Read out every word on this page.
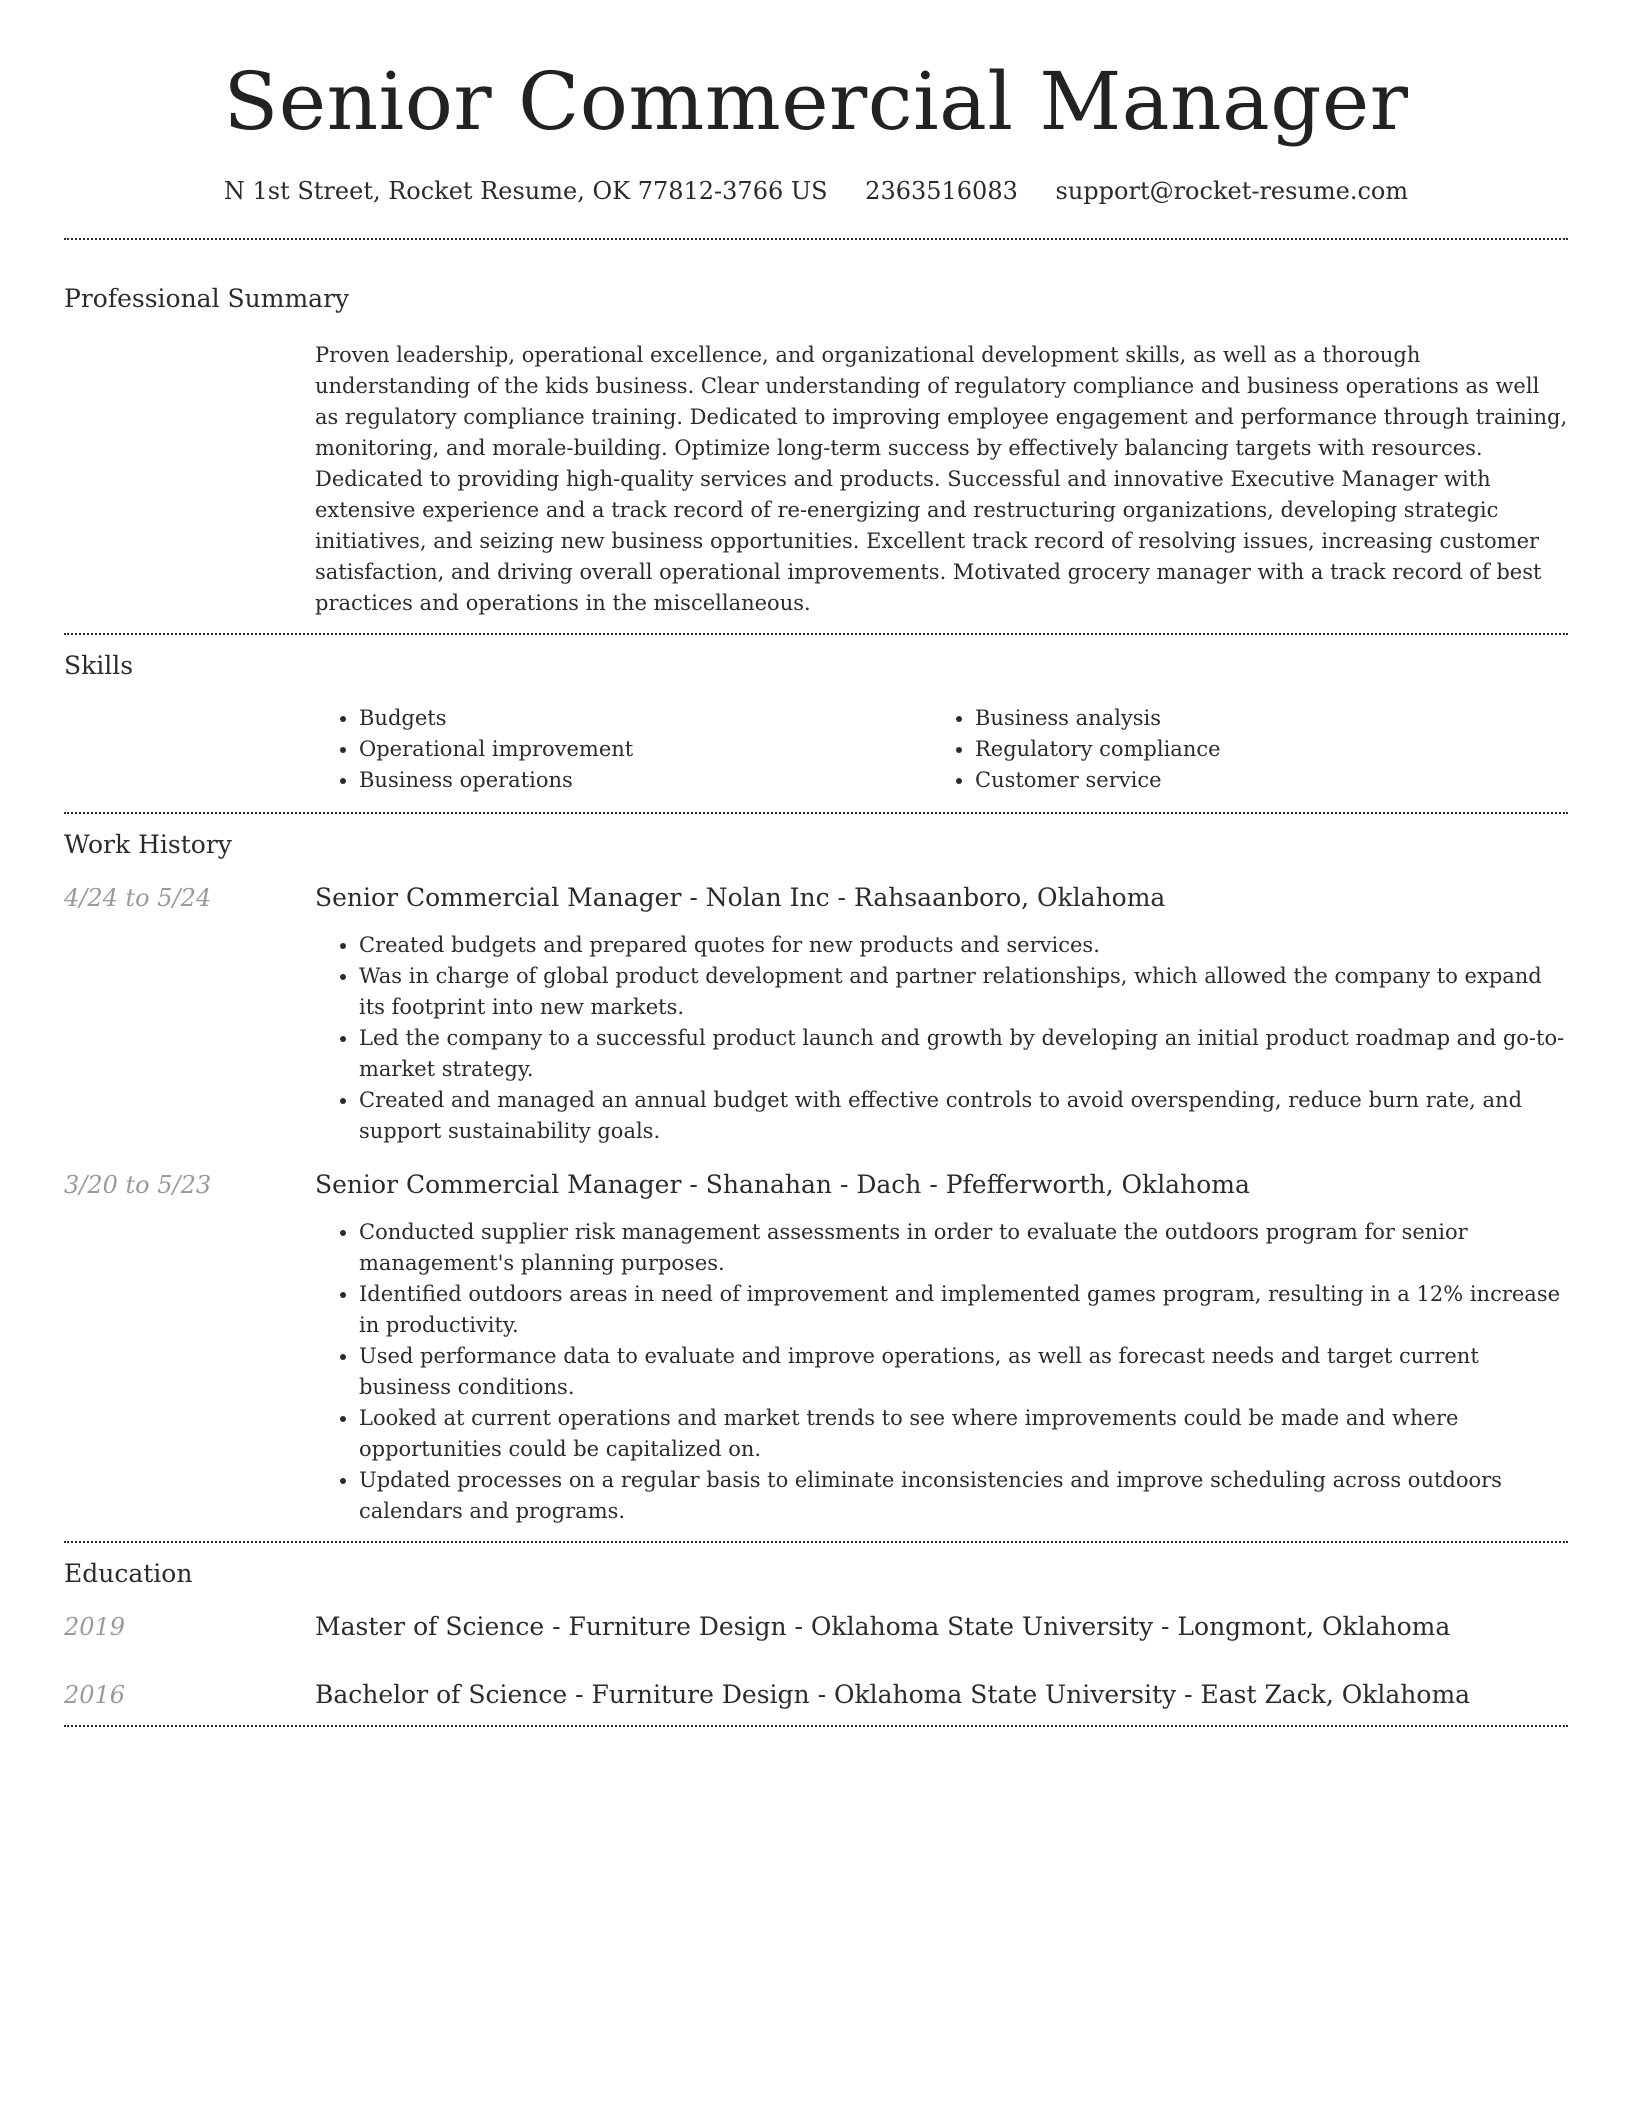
Senior Commercial Manager
N 1st Street, Rocket Resume, OK 77812-3766 US 2363516083 support@rocket-resume.com
Professional Summary

Proven leadership, operational excellence, and organizational development skills, as well as a thorough understanding of the kids business. Clear understanding of regulatory compliance and business operations as well as regulatory compliance training. Dedicated to improving employee engagement and performance through training, monitoring, and morale-building. Optimize long-term success by effectively balancing targets with resources. Dedicated to providing high-quality services and products. Successful and innovative Executive Manager with extensive experience and a track record of re-energizing and restructuring organizations, developing strategic initiatives, and seizing new business opportunities. Excellent track record of resolving issues, increasing customer satisfaction, and driving overall operational improvements. Motivated grocery manager with a track record of best practices and operations in the miscellaneous.

Skills
• Budgets
• Operational improvement
• Business operations
• Business analysis
• Regulatory compliance
• Customer service
Work History
4/24 to 5/24	Senior Commercial Manager - Nolan Inc - Rahsaanboro, Oklahoma
• Created budgets and prepared quotes for new products and services.
• Was in charge of global product development and partner relationships, which allowed the company to expand its footprint into new markets.
• Led the company to a successful product launch and growth by developing an initial product roadmap and go-to-market strategy.
• Created and managed an annual budget with effective controls to avoid overspending, reduce burn rate, and support sustainability goals.
3/20 to 5/23	Senior Commercial Manager - Shanahan - Dach - Pfefferworth, Oklahoma
• Conducted supplier risk management assessments in order to evaluate the outdoors program for senior management's planning purposes.
• Identified outdoors areas in need of improvement and implemented games program, resulting in a 12% increase in productivity.
• Used performance data to evaluate and improve operations, as well as forecast needs and target current business conditions.
• Looked at current operations and market trends to see where improvements could be made and where opportunities could be capitalized on.
• Updated processes on a regular basis to eliminate inconsistencies and improve scheduling across outdoors calendars and programs.
Education
2019	Master of Science - Furniture Design - Oklahoma State University - Longmont, Oklahoma
2016	Bachelor of Science - Furniture Design - Oklahoma State University - East Zack, Oklahoma
